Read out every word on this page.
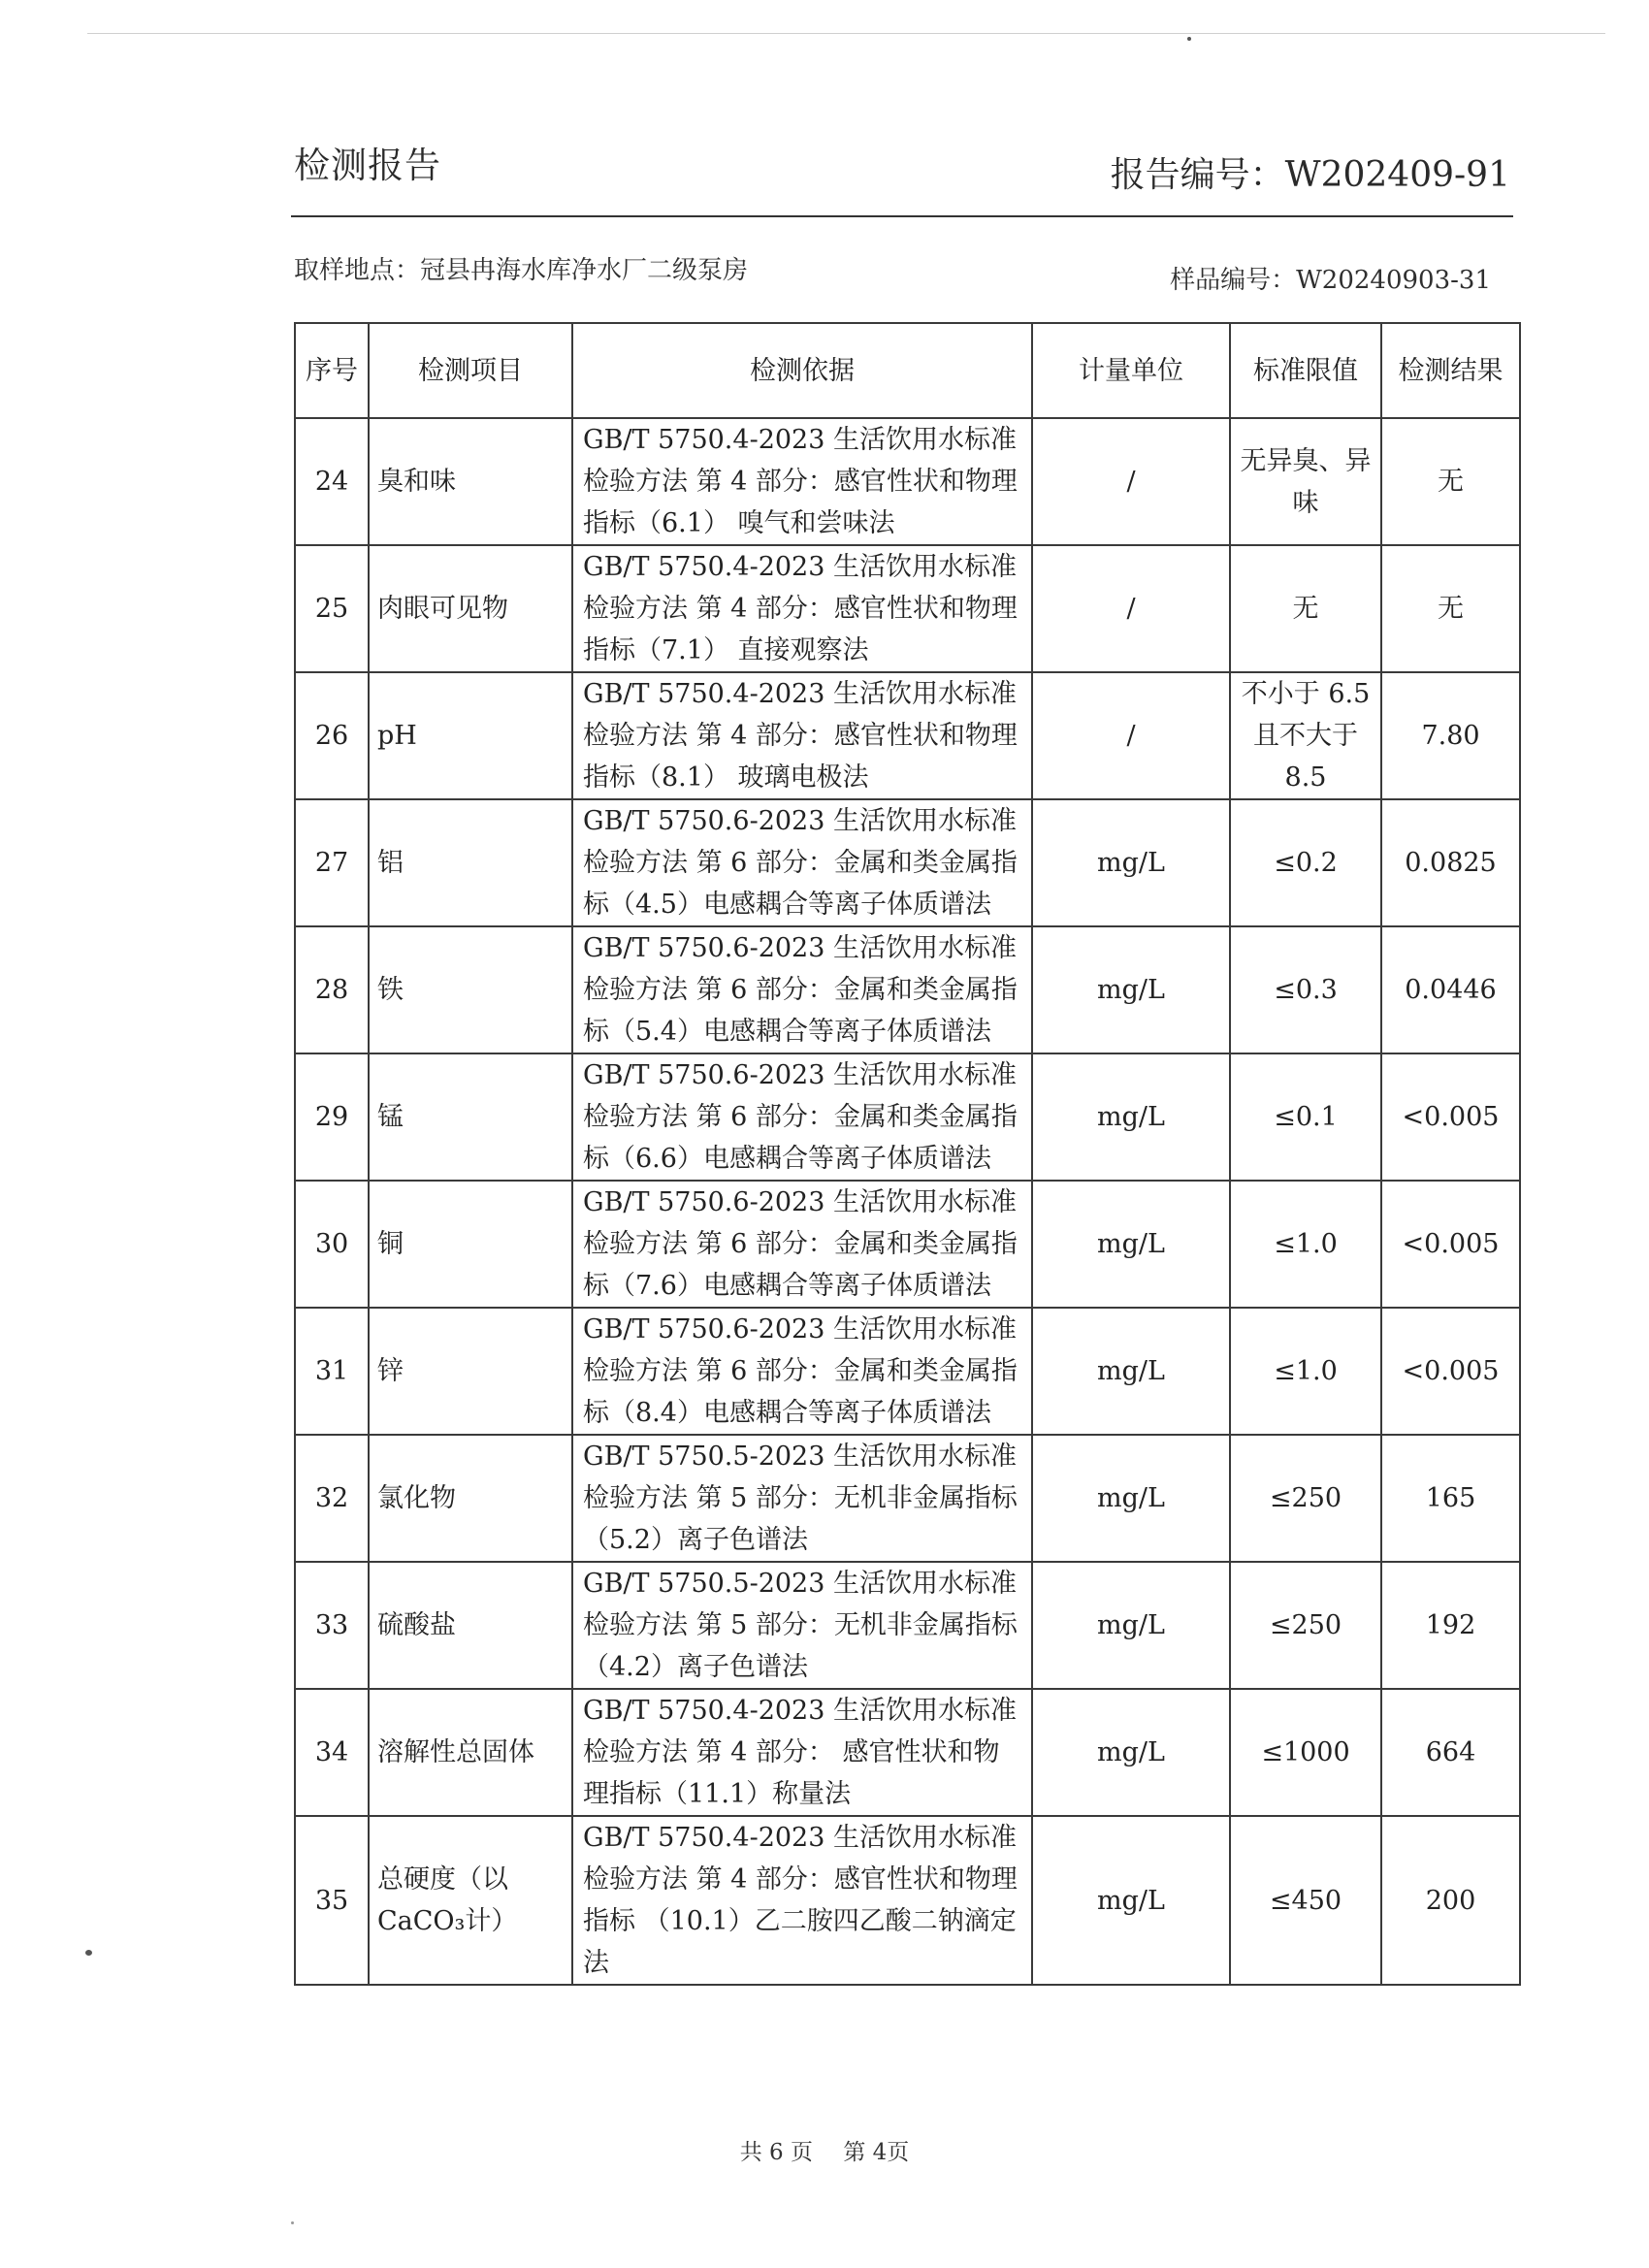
检测报告	报告编号：W202409-91
取样地点：冠县冉海水库净水厂二级泵房	样品编号：W20240903-31
序号	检测项目	检测依据	计量单位	标准限值	检测结果
24	臭和味	GB/T 5750.4-2023 生活饮用水标准检验方法 第 4 部分：感官性状和物理指标（6.1） 嗅气和尝味法	/	无异臭、异味	无
25	肉眼可见物	GB/T 5750.4-2023 生活饮用水标准检验方法 第 4 部分：感官性状和物理指标（7.1） 直接观察法	/	无	无
26	pH	GB/T 5750.4-2023 生活饮用水标准检验方法 第 4 部分：感官性状和物理指标（8.1） 玻璃电极法	/	不小于 6.5 且不大于 8.5	7.80
27	铝	GB/T 5750.6-2023 生活饮用水标准检验方法 第 6 部分：金属和类金属指标（4.5）电感耦合等离子体质谱法	mg/L	≤0.2	0.0825
28	铁	GB/T 5750.6-2023 生活饮用水标准检验方法 第 6 部分：金属和类金属指标（5.4）电感耦合等离子体质谱法	mg/L	≤0.3	0.0446
29	锰	GB/T 5750.6-2023 生活饮用水标准检验方法 第 6 部分：金属和类金属指标（6.6）电感耦合等离子体质谱法	mg/L	≤0.1	<0.005
30	铜	GB/T 5750.6-2023 生活饮用水标准检验方法 第 6 部分：金属和类金属指标（7.6）电感耦合等离子体质谱法	mg/L	≤1.0	<0.005
31	锌	GB/T 5750.6-2023 生活饮用水标准检验方法 第 6 部分：金属和类金属指标（8.4）电感耦合等离子体质谱法	mg/L	≤1.0	<0.005
32	氯化物	GB/T 5750.5-2023 生活饮用水标准检验方法 第 5 部分：无机非金属指标（5.2）离子色谱法	mg/L	≤250	165
33	硫酸盐	GB/T 5750.5-2023 生活饮用水标准检验方法 第 5 部分：无机非金属指标（4.2）离子色谱法	mg/L	≤250	192
34	溶解性总固体	GB/T 5750.4-2023 生活饮用水标准检验方法 第 4 部分： 感官性状和物理指标（11.1）称量法	mg/L	≤1000	664
35	总硬度（以CaCO₃计）	GB/T 5750.4-2023 生活饮用水标准检验方法 第 4 部分：感官性状和物理指标 （10.1）乙二胺四乙酸二钠滴定法	mg/L	≤450	200
共 6 页 第 4页
